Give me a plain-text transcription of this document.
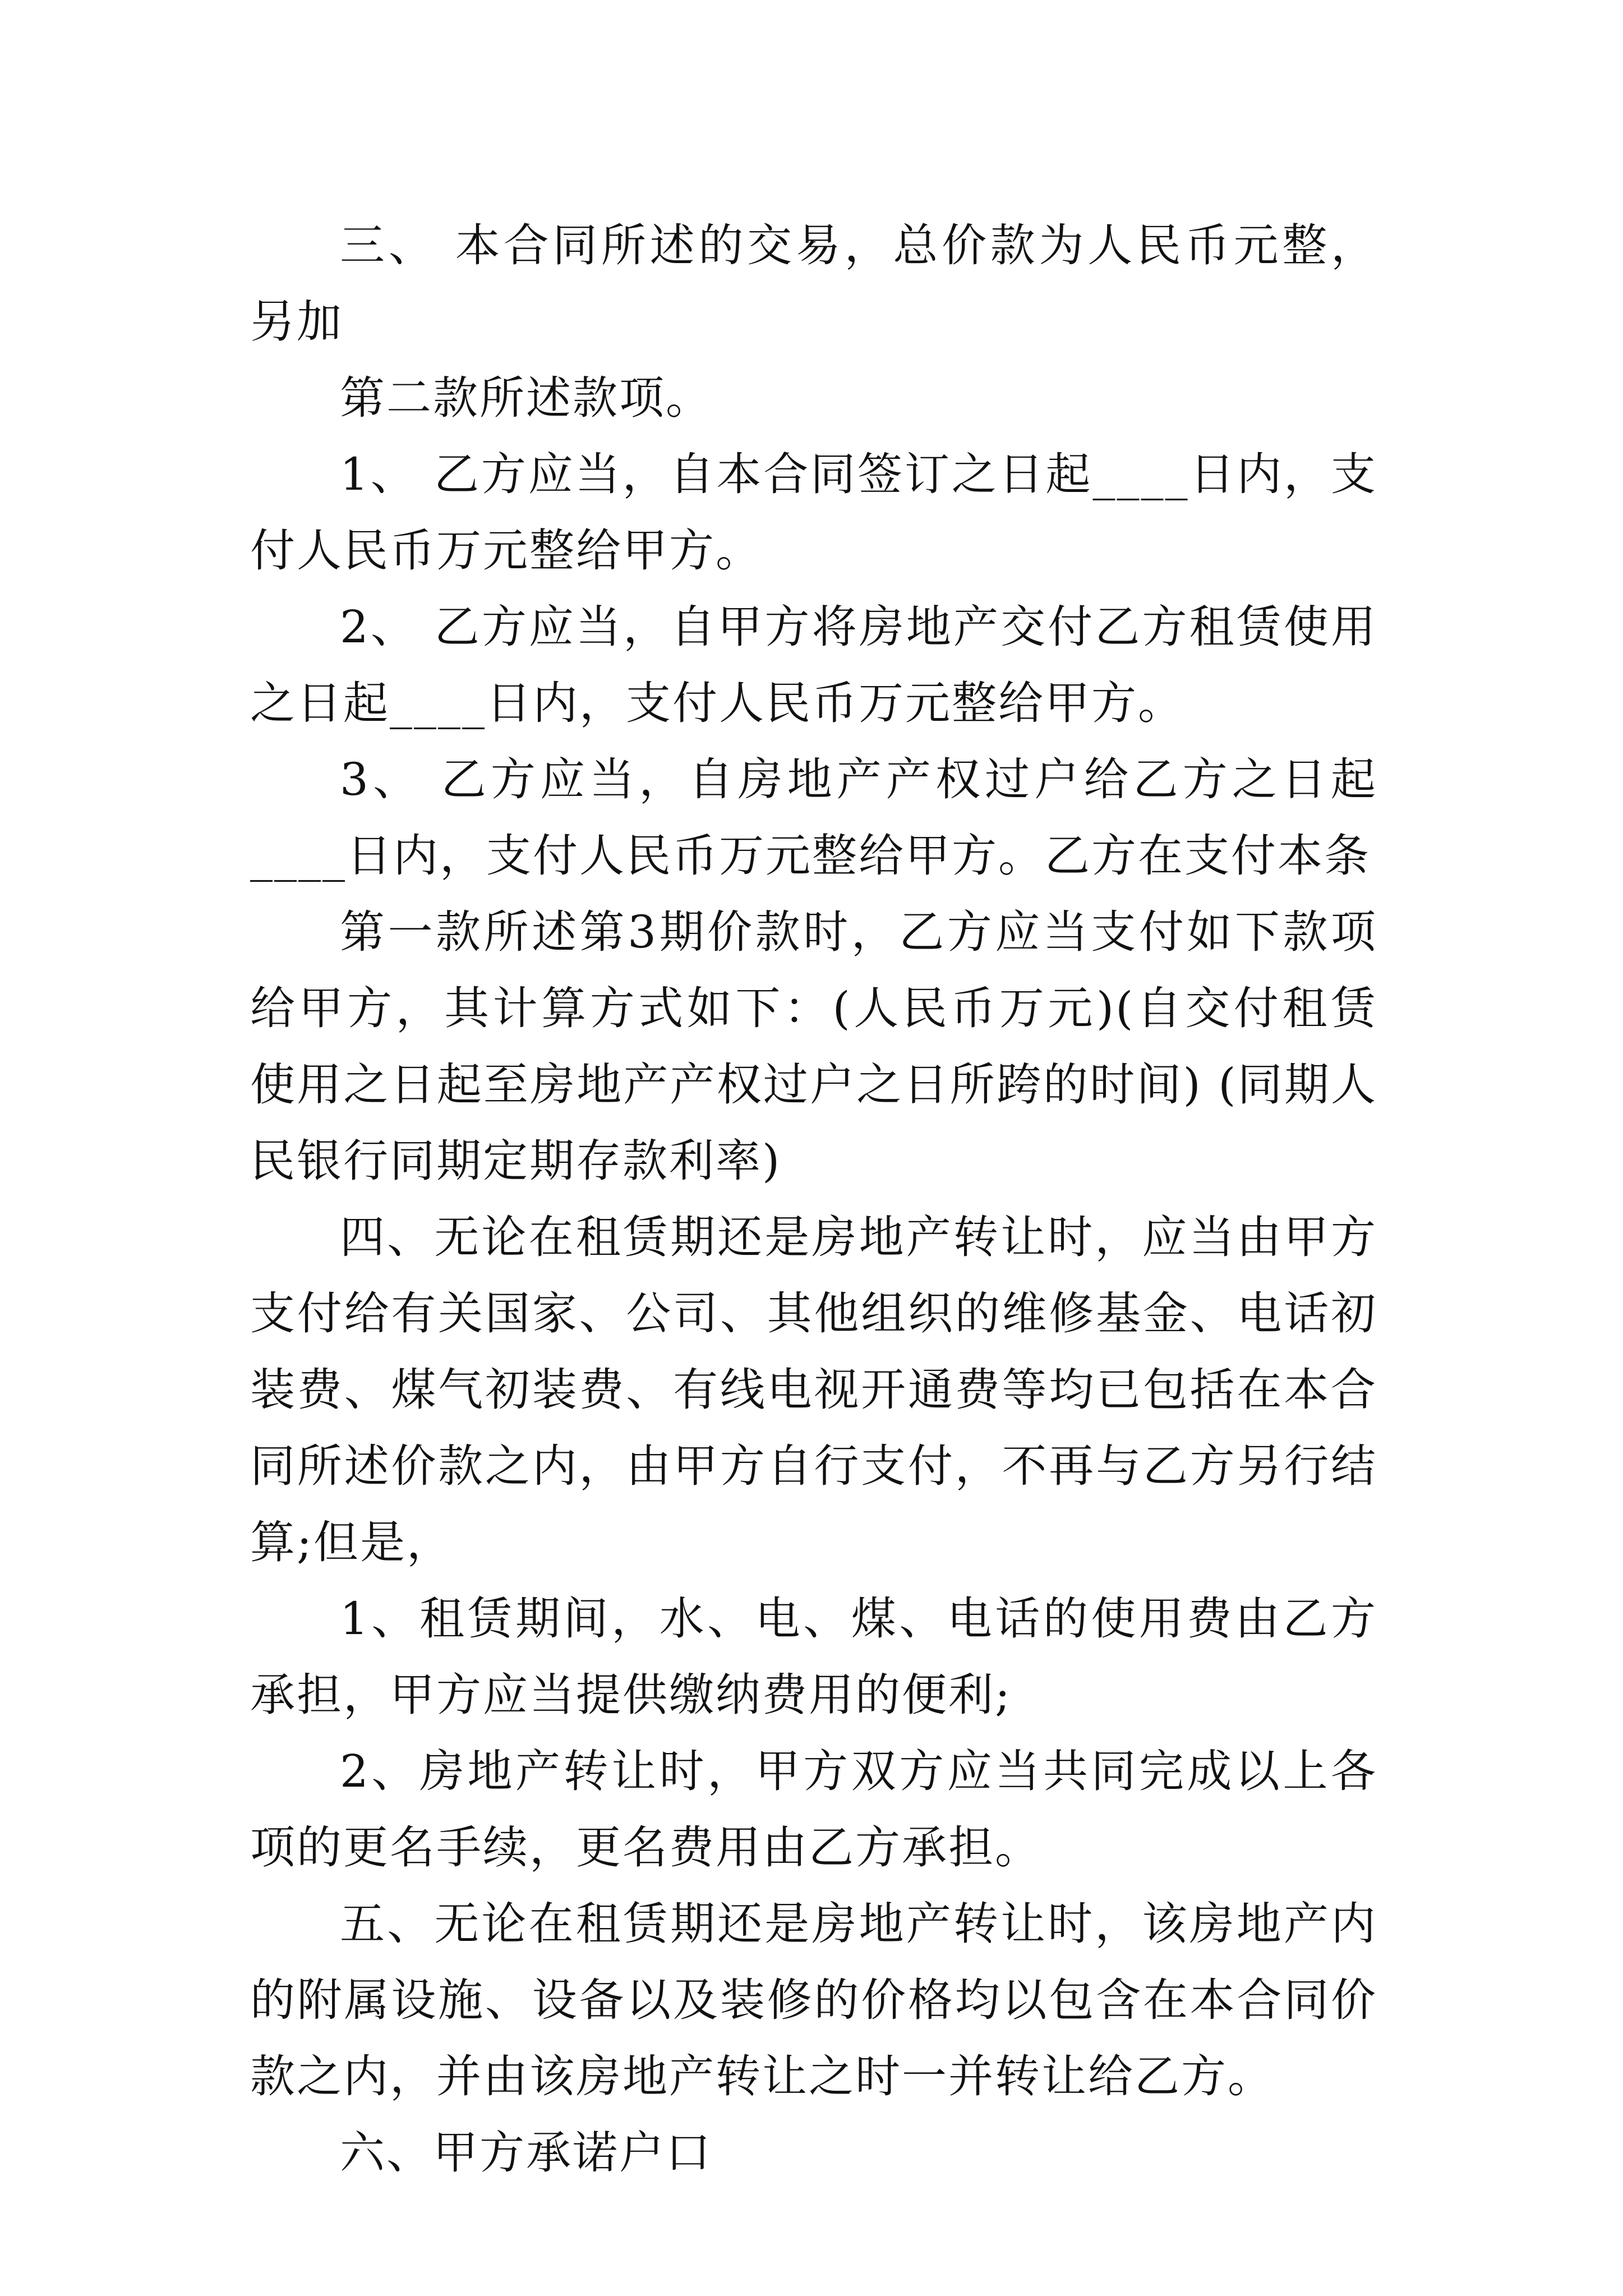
三、 本合同所述的交易，总价款为人民币元整，另加

第二款所述款项。

1、 乙方应当，自本合同签订之日起____日内，支付人民币万元整给甲方。

2、 乙方应当，自甲方将房地产交付乙方租赁使用之日起____日内，支付人民币万元整给甲方。

3、 乙方应当，自房地产产权过户给乙方之日起____日内，支付人民币万元整给甲方。乙方在支付本条

第一款所述第3期价款时，乙方应当支付如下款项给甲方，其计算方式如下：(人民币万元)(自交付租赁使用之日起至房地产产权过户之日所跨的时间) (同期人民银行同期定期存款利率)

四、无论在租赁期还是房地产转让时，应当由甲方支付给有关国家、公司、其他组织的维修基金、电话初装费、煤气初装费、有线电视开通费等均已包括在本合同所述价款之内，由甲方自行支付，不再与乙方另行结算;但是，

1、租赁期间，水、电、煤、电话的使用费由乙方承担，甲方应当提供缴纳费用的便利;

2、房地产转让时，甲方双方应当共同完成以上各项的更名手续，更名费用由乙方承担。

五、无论在租赁期还是房地产转让时，该房地产内的附属设施、设备以及装修的价格均以包含在本合同价款之内，并由该房地产转让之时一并转让给乙方。

六、甲方承诺户口
